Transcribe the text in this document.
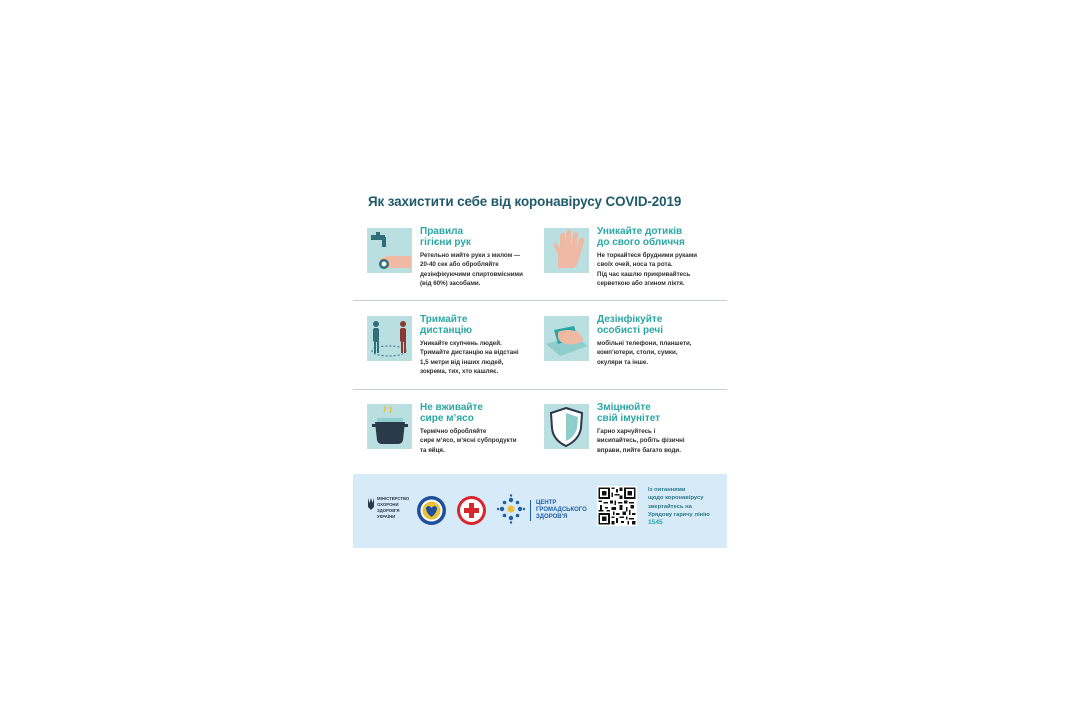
Як захистити себе від коронавірусу COVID-2019
Правила
гігієни рук
Ретельно мийте руки з милом —
20-40 сек або обробляйте
дезінфікуючими спиртовмісними
(від 60%) засобами.
Уникайте дотиків
до свого обличчя
Не торкайтеся брудними руками
своїх очей, носа та рота.
Під час кашлю прикривайтесь
серветкою або згином ліктя.
Тримайте
дистанцію
Уникайте скупчень людей.
Тримайте дистанцію на відстані
1,5 метри від інших людей,
зокрема, тих, хто кашляє.
Дезінфікуйте
особисті речі
мобільні телефони, планшети,
комп’ютери, столи, сумки,
окуляри та інше.
Не вживайте
сире м’ясо
Термічно обробляйте
сире м’ясо, м’ясні субпродукти
та яйця.
Зміцнюйте
свій імунітет
Гарно харчуйтесь і
висипайтесь, робіть фізичні
вправи, пийте багато води.
МІНІСТЕРСТВО
ОХОРОНИ
ЗДОРОВ'Я
УКРАЇНИ
ЦЕНТР
ГРОМАДСЬКОГО
ЗДОРОВ'Я
Із питаннями
щодо коронавірусу
звертайтесь на
Урядову гарячу лінію
1545
